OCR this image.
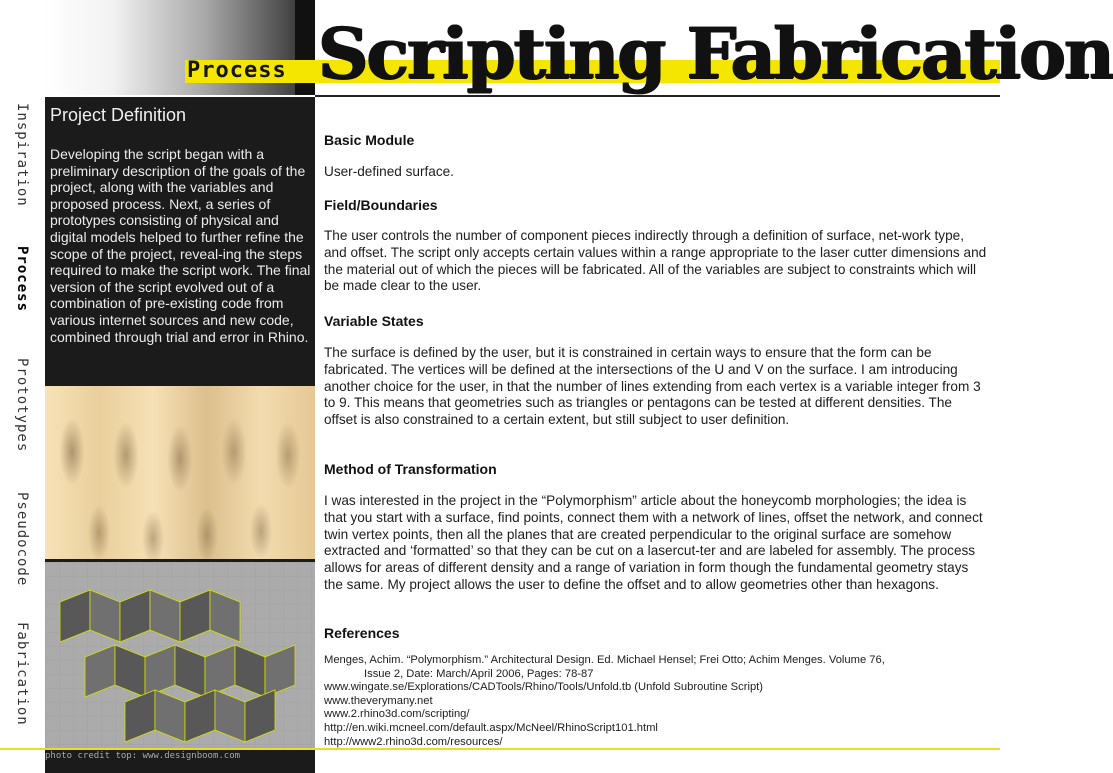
Process Scripting Fabrication
Inspiration
Process
Prototypes
Pseudocode
Fabrication
Project Definition
Developing the script began with a preliminary description of the goals of the project, along with the variables and proposed process. Next, a series of prototypes consisting of physical and digital models helped to further refine the scope of the project, reveal-ing the steps required to make the script work. The final version of the script evolved out of a combination of pre-existing code from various internet sources and new code, combined through trial and error in Rhino.
photo credit top: www.designboom.com
Basic Module
User-defined surface.
Field/Boundaries
The user controls the number of component pieces indirectly through a definition of surface, net-work type, and offset. The script only accepts certain values within a range appropriate to the laser cutter dimensions and the material out of which the pieces will be fabricated. All of the variables are subject to constraints which will be made clear to the user.
Variable States
The surface is defined by the user, but it is constrained in certain ways to ensure that the form can be fabricated. The vertices will be defined at the intersections of the U and V on the surface. I am introducing another choice for the user, in that the number of lines extending from each vertex is a variable integer from 3 to 9. This means that geometries such as triangles or pentagons can be tested at different densities. The offset is also constrained to a certain extent, but still subject to user definition.
Method of Transformation
I was interested in the project in the “Polymorphism” article about the honeycomb morphologies; the idea is that you start with a surface, find points, connect them with a network of lines, offset the network, and connect twin vertex points, then all the planes that are created perpendicular to the original surface are somehow extracted and ‘formatted’ so that they can be cut on a lasercut-ter and are labeled for assembly. The process allows for areas of different density and a range of variation in form though the fundamental geometry stays the same. My project allows the user to define the offset and to allow geometries other than hexagons.
References
Menges, Achim. “Polymorphism.” Architectural Design. Ed. Michael Hensel; Frei Otto; Achim Menges. Volume 76,
Issue 2, Date: March/April 2006, Pages: 78-87
www.wingate.se/Explorations/CADTools/Rhino/Tools/Unfold.tb (Unfold Subroutine Script)
www.theverymany.net
www.2.rhino3d.com/scripting/
http://en.wiki.mcneel.com/default.aspx/McNeel/RhinoScript101.html
http://www2.rhino3d.com/resources/
